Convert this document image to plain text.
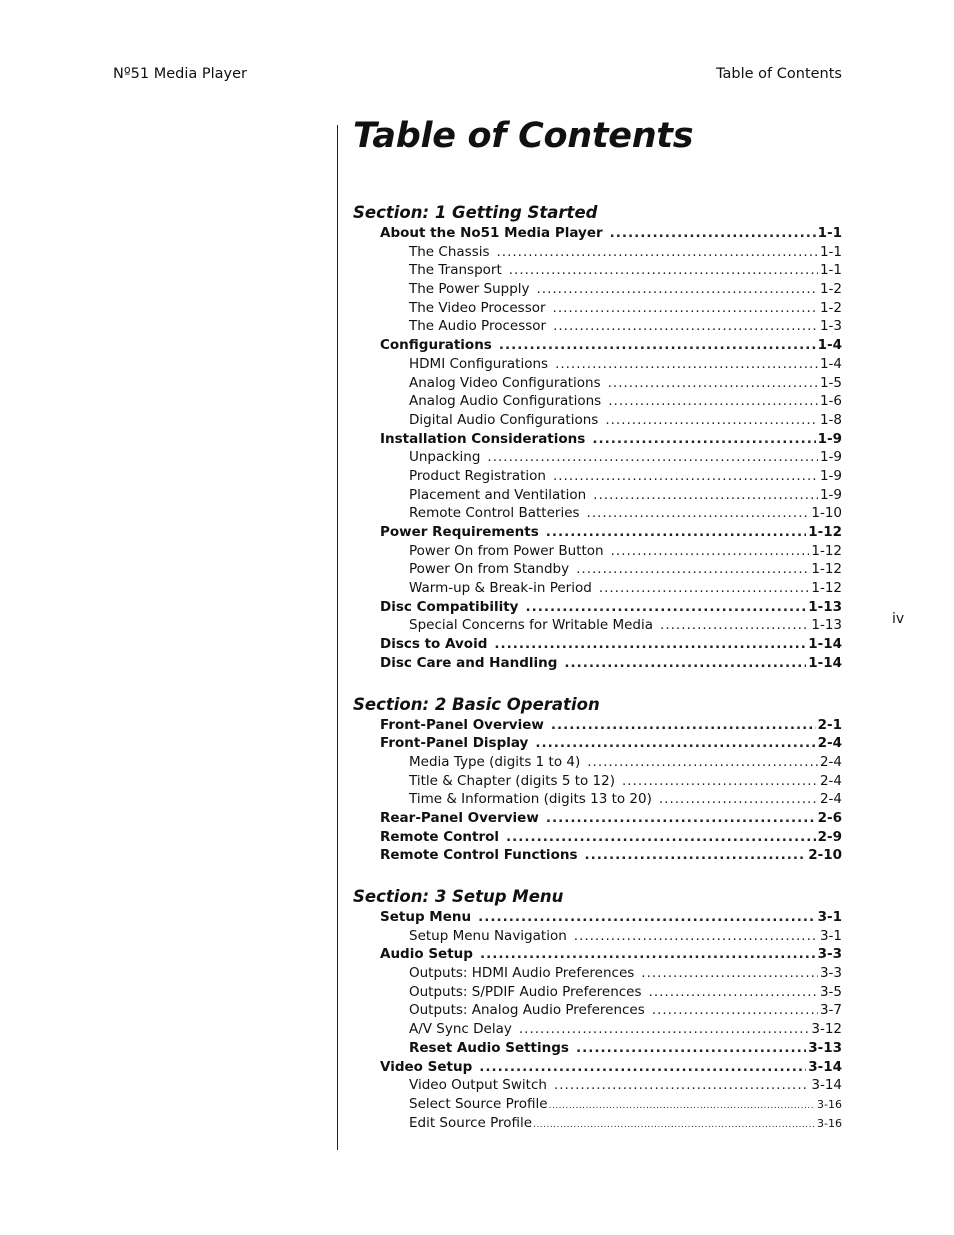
Nº51 Media Player	Table of Contents
Table of Contents
Section: 1 Getting Started
About the No51 Media Player .....	1-1
The Chassis .....	1-1
The Transport .....	1-1
The Power Supply .....	1-2
The Video Processor .....	1-2
The Audio Processor .....	1-3
Configurations .....	1-4
HDMI Configurations .....	1-4
Analog Video Configurations .....	1-5
Analog Audio Configurations .....	1-6
Digital Audio Configurations .....	1-8
Installation Considerations .....	1-9
Unpacking .....	1-9
Product Registration .....	1-9
Placement and Ventilation .....	1-9
Remote Control Batteries .....	1-10
Power Requirements .....	1-12
Power On from Power Button .....	1-12
Power On from Standby .....	1-12
Warm-up & Break-in Period .....	1-12
Disc Compatibility .....	1-13
Special Concerns for Writable Media .....	1-13
Discs to Avoid .....	1-14
Disc Care and Handling .....	1-14
Section: 2 Basic Operation
Front-Panel Overview .....	2-1
Front-Panel Display .....	2-4
Media Type (digits 1 to 4) .....	2-4
Title & Chapter (digits 5 to 12) .....	2-4
Time & Information (digits 13 to 20) .....	2-4
Rear-Panel Overview .....	2-6
Remote Control .....	2-9
Remote Control Functions .....	2-10
Section: 3 Setup Menu
Setup Menu .....	3-1
Setup Menu Navigation .....	3-1
Audio Setup .....	3-3
Outputs: HDMI Audio Preferences .....	3-3
Outputs: S/PDIF Audio Preferences .....	3-5
Outputs: Analog Audio Preferences .....	3-7
A/V Sync Delay .....	3-12
Reset Audio Settings .....	3-13
Video Setup .....	3-14
Video Output Switch .....	3-14
Select Source Profile .....	3-16
Edit Source Profile .....	3-16
iv
